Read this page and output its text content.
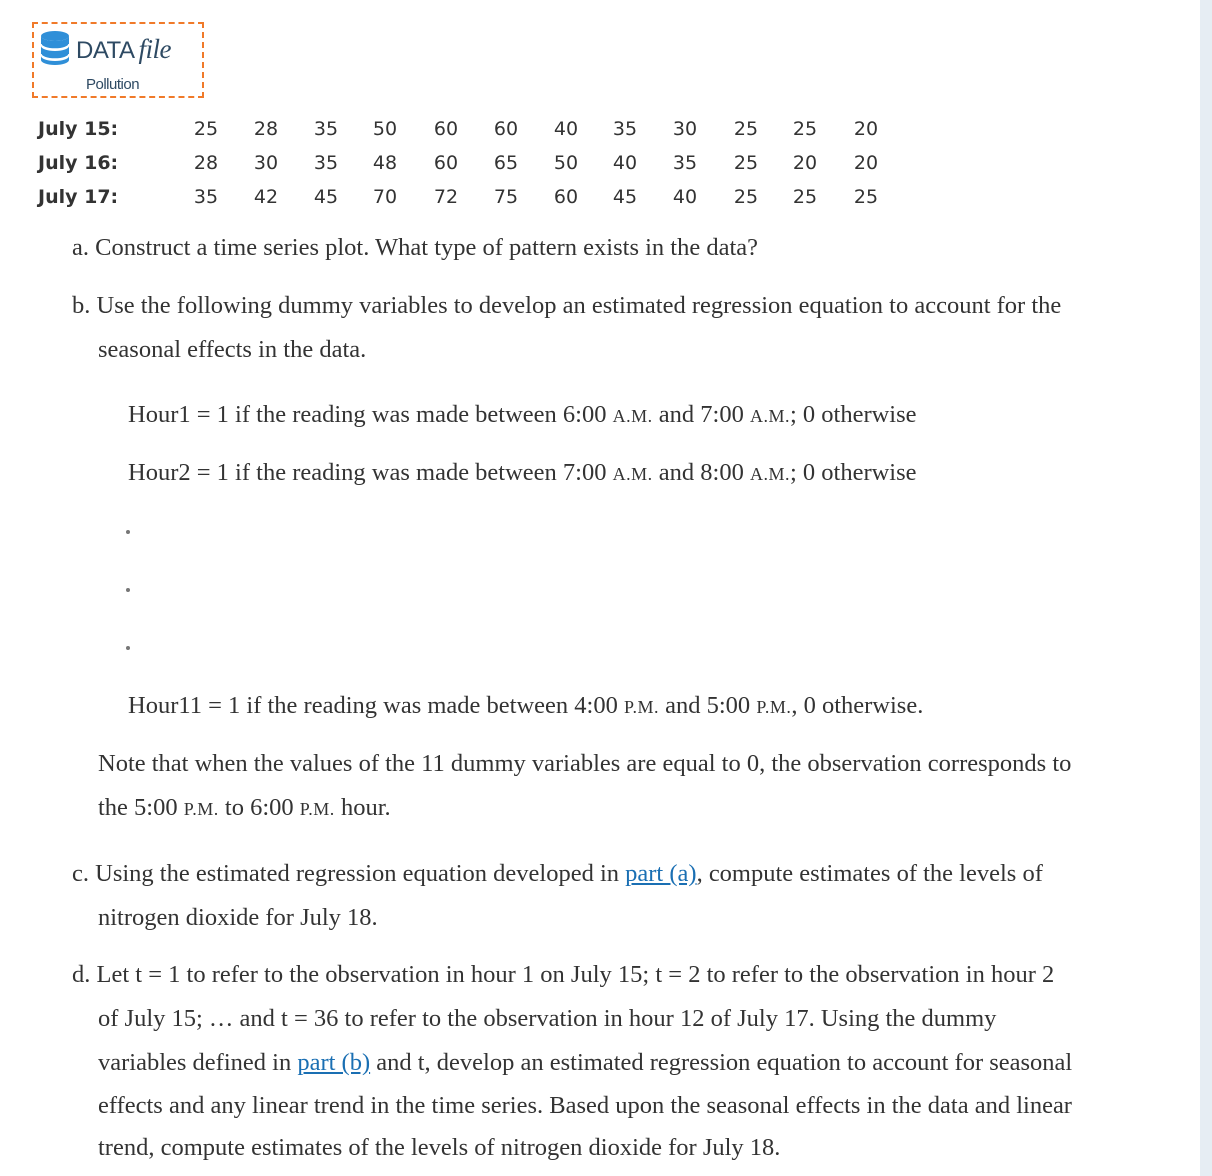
DATA file
Pollution
July 15:	25	28	35	50	60	60	40	35	30	25	25	20
July 16:	28	30	35	48	60	65	50	40	35	25	20	20
July 17:	35	42	45	70	72	75	60	45	40	25	25	25
a. Construct a time series plot. What type of pattern exists in the data?
b. Use the following dummy variables to develop an estimated regression equation to account for the
seasonal effects in the data.
Hour1 = 1 if the reading was made between 6:00 A.M. and 7:00 A.M.; 0 otherwise
Hour2 = 1 if the reading was made between 7:00 A.M. and 8:00 A.M.; 0 otherwise
Hour11 = 1 if the reading was made between 4:00 P.M. and 5:00 P.M., 0 otherwise.
Note that when the values of the 11 dummy variables are equal to 0, the observation corresponds to
the 5:00 P.M. to 6:00 P.M. hour.
c. Using the estimated regression equation developed in part (a), compute estimates of the levels of
nitrogen dioxide for July 18.
d. Let t = 1 to refer to the observation in hour 1 on July 15; t = 2 to refer to the observation in hour 2
of July 15; … and t = 36 to refer to the observation in hour 12 of July 17. Using the dummy
variables defined in part (b) and t, develop an estimated regression equation to account for seasonal
effects and any linear trend in the time series. Based upon the seasonal effects in the data and linear
trend, compute estimates of the levels of nitrogen dioxide for July 18.
